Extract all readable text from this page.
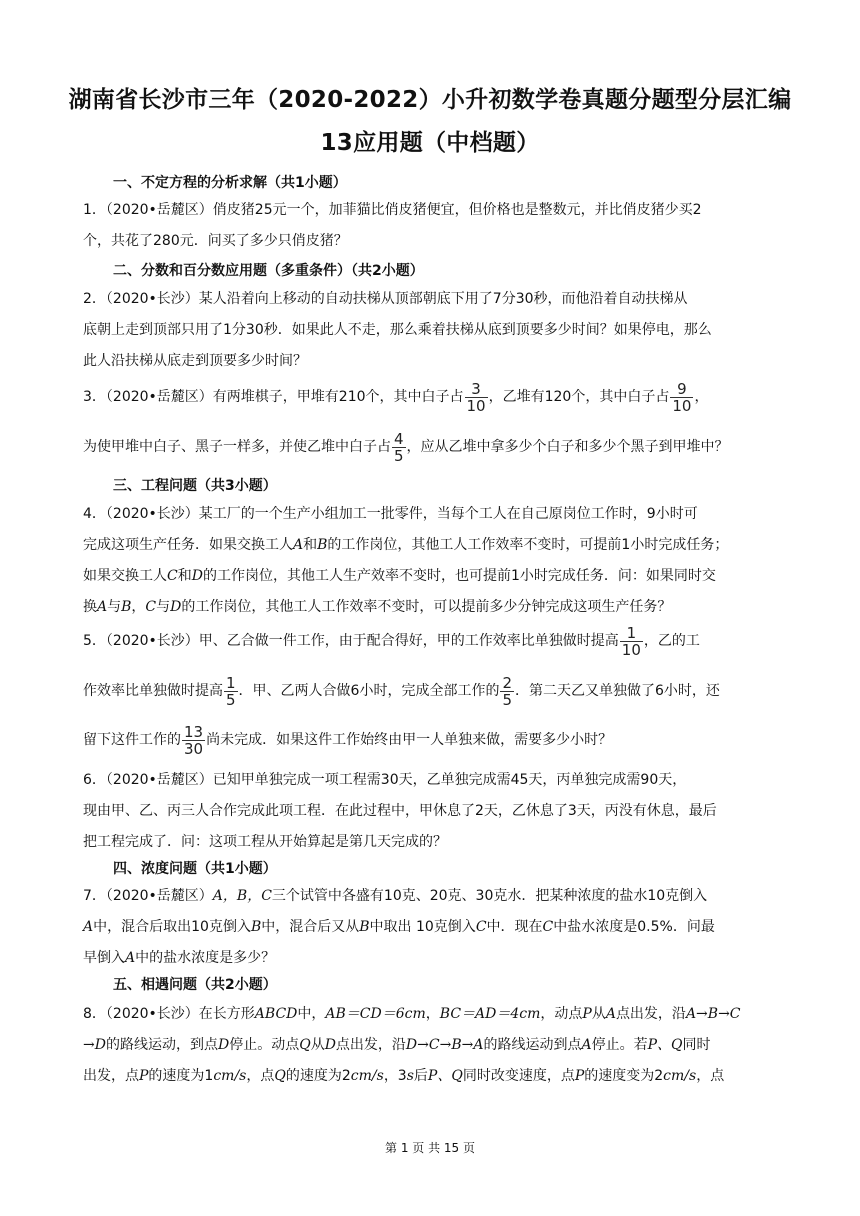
湖南省长沙市三年（2020-2022）小升初数学卷真题分题型分层汇编
13应用题（中档题）
一、不定方程的分析求解（共1小题）
1．（2020•岳麓区）俏皮猪25元一个，加菲猫比俏皮猪便宜，但价格也是整数元，并比俏皮猪少买2
个，共花了280元．问买了多少只俏皮猪？
二、分数和百分数应用题（多重条件）（共2小题）
2．（2020•长沙）某人沿着向上移动的自动扶梯从顶部朝底下用了7分30秒，而他沿着自动扶梯从
底朝上走到顶部只用了1分30秒．如果此人不走，那么乘着扶梯从底到顶要多少时间？如果停电，那么
此人沿扶梯从底走到顶要多少时间？
3．（2020•岳麓区）有两堆棋子，甲堆有210个，其中白子占 $\frac{3}{10}$ ，乙堆有120个，其中白子占 $\frac{9}{10}$ ，
为使甲堆中白子、黑子一样多，并使乙堆中白子占 $\frac{4}{5}$ ，应从乙堆中拿多少个白子和多少个黑子到甲堆中？
三、工程问题（共3小题）
4．（2020•长沙）某工厂的一个生产小组加工一批零件，当每个工人在自己原岗位工作时，9小时可
完成这项生产任务．如果交换工人A和B的工作岗位，其他工人工作效率不变时，可提前1小时完成任务；
如果交换工人C和D的工作岗位，其他工人生产效率不变时，也可提前1小时完成任务．问：如果同时交
换A与B，C与D的工作岗位，其他工人工作效率不变时，可以提前多少分钟完成这项生产任务？
5．（2020•长沙）甲、乙合做一件工作，由于配合得好，甲的工作效率比单独做时提高 $\frac{1}{10}$ ，乙的工
作效率比单独做时提高 $\frac{1}{5}$ ．甲、乙两人合做6小时，完成全部工作的 $\frac{2}{5}$ ．第二天乙又单独做了6小时，还
留下这件工作的 $\frac{13}{30}$ 尚未完成．如果这件工作始终由甲一人单独来做，需要多少小时？
6．（2020•岳麓区）已知甲单独完成一项工程需30天，乙单独完成需45天，丙单独完成需90天，
现由甲、乙、丙三人合作完成此项工程．在此过程中，甲休息了2天，乙休息了3天，丙没有休息，最后
把工程完成了．问：这项工程从开始算起是第几天完成的？
四、浓度问题（共1小题）
7．（2020•岳麓区）A，B，C三个试管中各盛有10克、20克、30克水．把某种浓度的盐水10克倒入
A中，混合后取出10克倒入B中，混合后又从B中取出 10克倒入C中．现在C中盐水浓度是0.5%．问最
早倒入A中的盐水浓度是多少？
五、相遇问题（共2小题）
8．（2020•长沙）在长方形ABCD中，AB＝CD＝6cm，BC＝AD＝4cm，动点P从A点出发，沿A→B→C
→D的路线运动，到点D停止。动点Q从D点出发，沿D→C→B→A的路线运动到点A停止。若P、Q同时
出发，点P的速度为1cm/s，点Q的速度为2cm/s，3s后P、Q同时改变速度，点P的速度变为2cm/s，点
第 1 页 共 15 页
